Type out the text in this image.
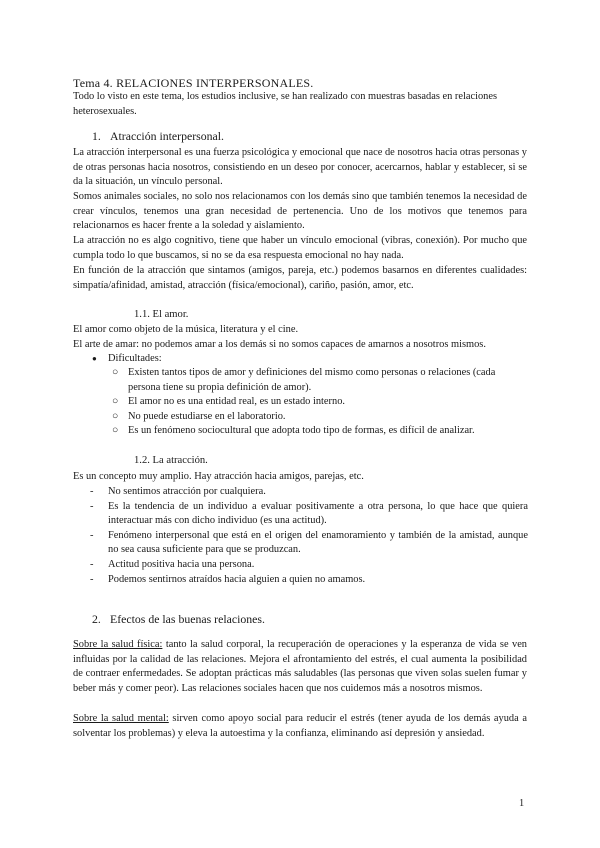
Tema 4. RELACIONES INTERPERSONALES.
Todo lo visto en este tema, los estudios inclusive, se han realizado con muestras basadas en relaciones heterosexuales.
1. Atracción interpersonal.
La atracción interpersonal es una fuerza psicológica y emocional que nace de nosotros hacia otras personas y de otras personas hacia nosotros, consistiendo en un deseo por conocer, acercarnos, hablar y establecer, si se da la situación, un vínculo personal.
Somos animales sociales, no solo nos relacionamos con los demás sino que también tenemos la necesidad de crear vínculos, tenemos una gran necesidad de pertenencia. Uno de los motivos que tenemos para relacionarnos es hacer frente a la soledad y aislamiento.
La atracción no es algo cognitivo, tiene que haber un vínculo emocional (vibras, conexión). Por mucho que cumpla todo lo que buscamos, si no se da esa respuesta emocional no hay nada.
En función de la atracción que sintamos (amigos, pareja, etc.) podemos basarnos en diferentes cualidades: simpatía/afinidad, amistad, atracción (física/emocional), cariño, pasión, amor, etc.
1.1. El amor.
El amor como objeto de la música, literatura y el cine.
El arte de amar: no podemos amar a los demás si no somos capaces de amarnos a nosotros mismos.
● Dificultades:
○ Existen tantos tipos de amor y definiciones del mismo como personas o relaciones (cada persona tiene su propia definición de amor).
○ El amor no es una entidad real, es un estado interno.
○ No puede estudiarse en el laboratorio.
○ Es un fenómeno sociocultural que adopta todo tipo de formas, es difícil de analizar.
1.2. La atracción.
Es un concepto muy amplio. Hay atracción hacia amigos, parejas, etc.
- No sentimos atracción por cualquiera.
- Es la tendencia de un individuo a evaluar positivamente a otra persona, lo que hace que quiera interactuar más con dicho individuo (es una actitud).
- Fenómeno interpersonal que está en el origen del enamoramiento y también de la amistad, aunque no sea causa suficiente para que se produzcan.
- Actitud positiva hacia una persona.
- Podemos sentirnos atraídos hacia alguien a quien no amamos.
2. Efectos de las buenas relaciones.
Sobre la salud física: tanto la salud corporal, la recuperación de operaciones y la esperanza de vida se ven influidas por la calidad de las relaciones. Mejora el afrontamiento del estrés, el cual aumenta la posibilidad de contraer enfermedades. Se adoptan prácticas más saludables (las personas que viven solas suelen fumar y beber más y comer peor). Las relaciones sociales hacen que nos cuidemos más a nosotros mismos.
Sobre la salud mental: sirven como apoyo social para reducir el estrés (tener ayuda de los demás ayuda a solventar los problemas) y eleva la autoestima y la confianza, eliminando así depresión y ansiedad.
1
